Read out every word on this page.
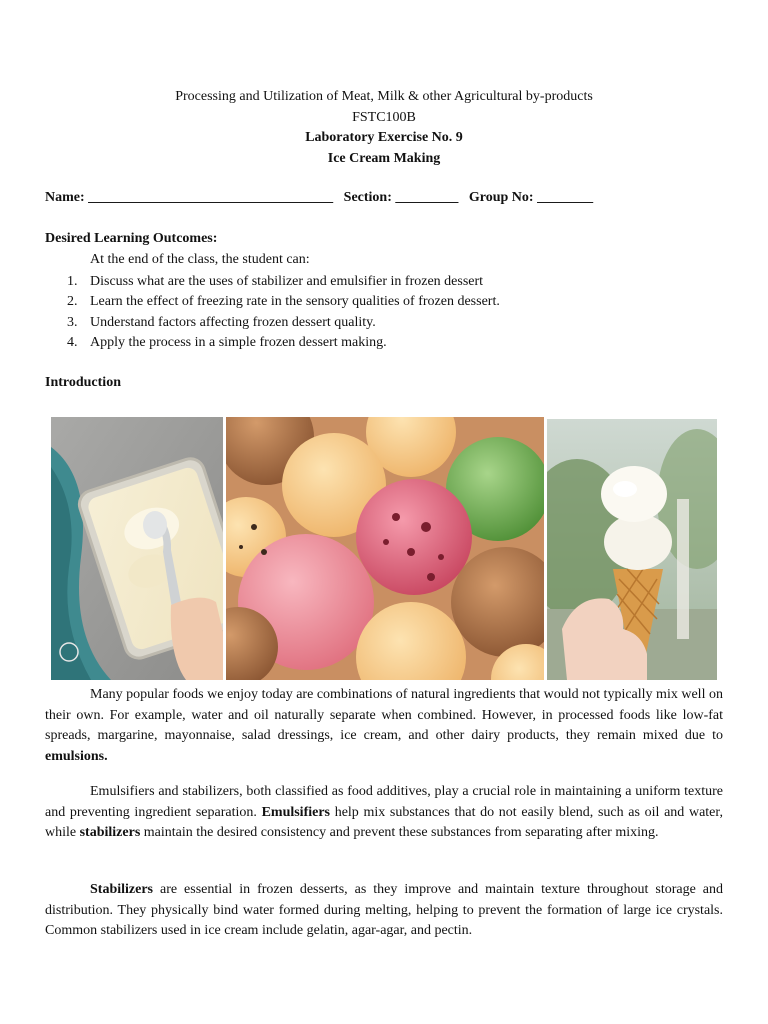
Processing and Utilization of Meat, Milk & other Agricultural by-products
FSTC100B
Laboratory Exercise No. 9
Ice Cream Making
Name: ___________________________________ Section: _________ Group No: ________
Desired Learning Outcomes:
At the end of the class, the student can:
1. Discuss what are the uses of stabilizer and emulsifier in frozen dessert
2. Learn the effect of freezing rate in the sensory qualities of frozen dessert.
3. Understand factors affecting frozen dessert quality.
4. Apply the process in a simple frozen dessert making.
Introduction

Many popular foods we enjoy today are combinations of natural ingredients that would not typically mix well on their own. For example, water and oil naturally separate when combined. However, in processed foods like low-fat spreads, margarine, mayonnaise, salad dressings, ice cream, and other dairy products, they remain mixed due to emulsions.

Emulsifiers and stabilizers, both classified as food additives, play a crucial role in maintaining a uniform texture and preventing ingredient separation. Emulsifiers help mix substances that do not easily blend, such as oil and water, while stabilizers maintain the desired consistency and prevent these substances from separating after mixing.

Stabilizers are essential in frozen desserts, as they improve and maintain texture throughout storage and distribution. They physically bind water formed during melting, helping to prevent the formation of large ice crystals. Common stabilizers used in ice cream include gelatin, agar-agar, and pectin.
